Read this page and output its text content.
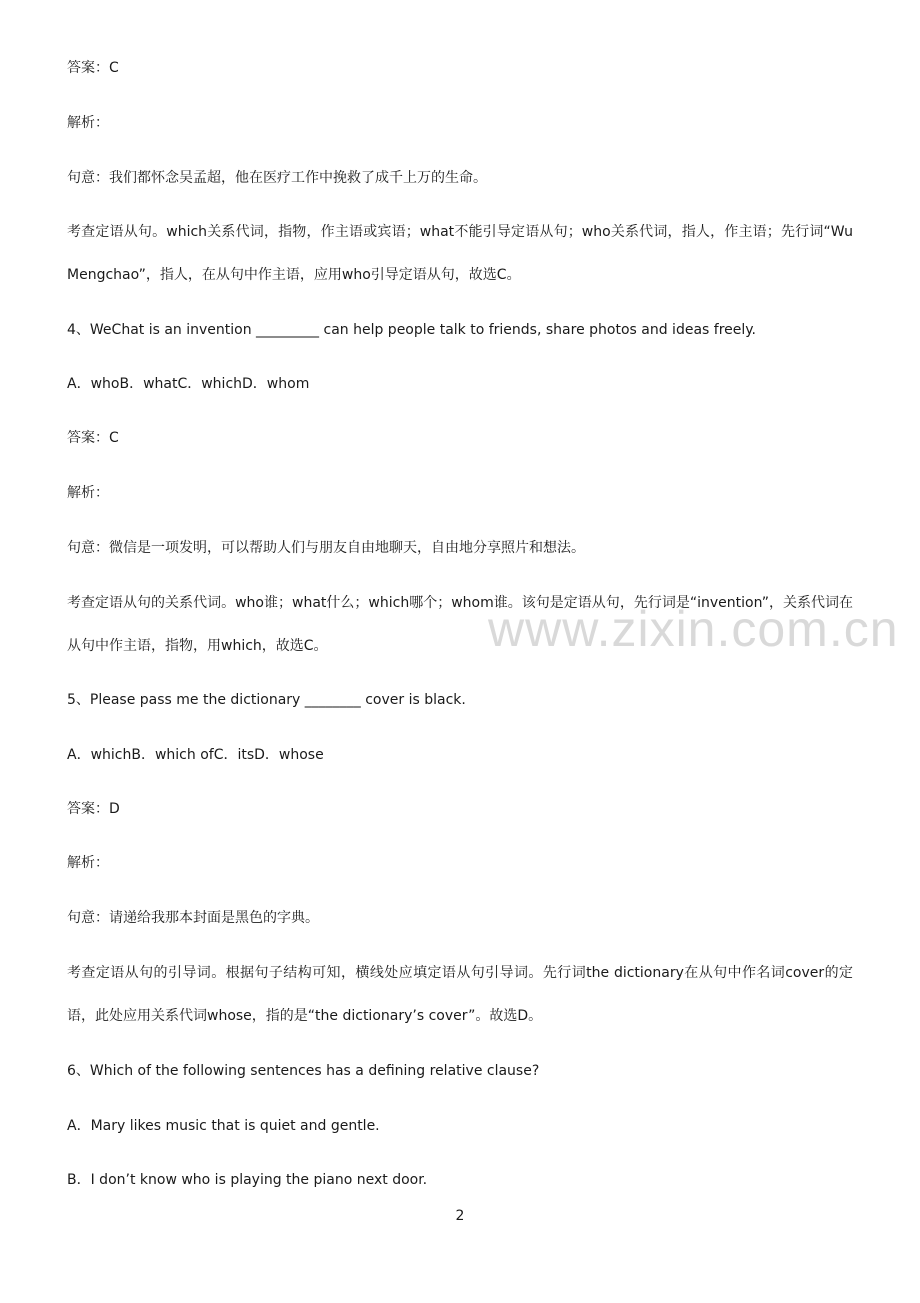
www.zixin.com.cn
答案：C
解析：
句意：我们都怀念吴孟超，他在医疗工作中挽救了成千上万的生命。
考查定语从句。which关系代词，指物，作主语或宾语；what不能引导定语从句；who关系代词，指人，作主语；先行词“Wu Mengchao”，指人，在从句中作主语，应用who引导定语从句，故选C。
4、WeChat is an invention _________ can help people talk to friends, share photos and ideas freely.
A．whoB．whatC．whichD．whom
答案：C
解析：
句意：微信是一项发明，可以帮助人们与朋友自由地聊天，自由地分享照片和想法。
考查定语从句的关系代词。who谁；what什么；which哪个；whom谁。该句是定语从句，先行词是“invention”，关系代词在从句中作主语，指物，用which，故选C。
5、Please pass me the dictionary ________ cover is black.
A．whichB．which ofC．itsD．whose
答案：D
解析：
句意：请递给我那本封面是黑色的字典。
考查定语从句的引导词。根据句子结构可知，横线处应填定语从句引导词。先行词the dictionary在从句中作名词cover的定语，此处应用关系代词whose，指的是“the dictionary’s cover”。故选D。
6、Which of the following sentences has a defining relative clause?
A．Mary likes music that is quiet and gentle.
B．I don’t know who is playing the piano next door.
2
